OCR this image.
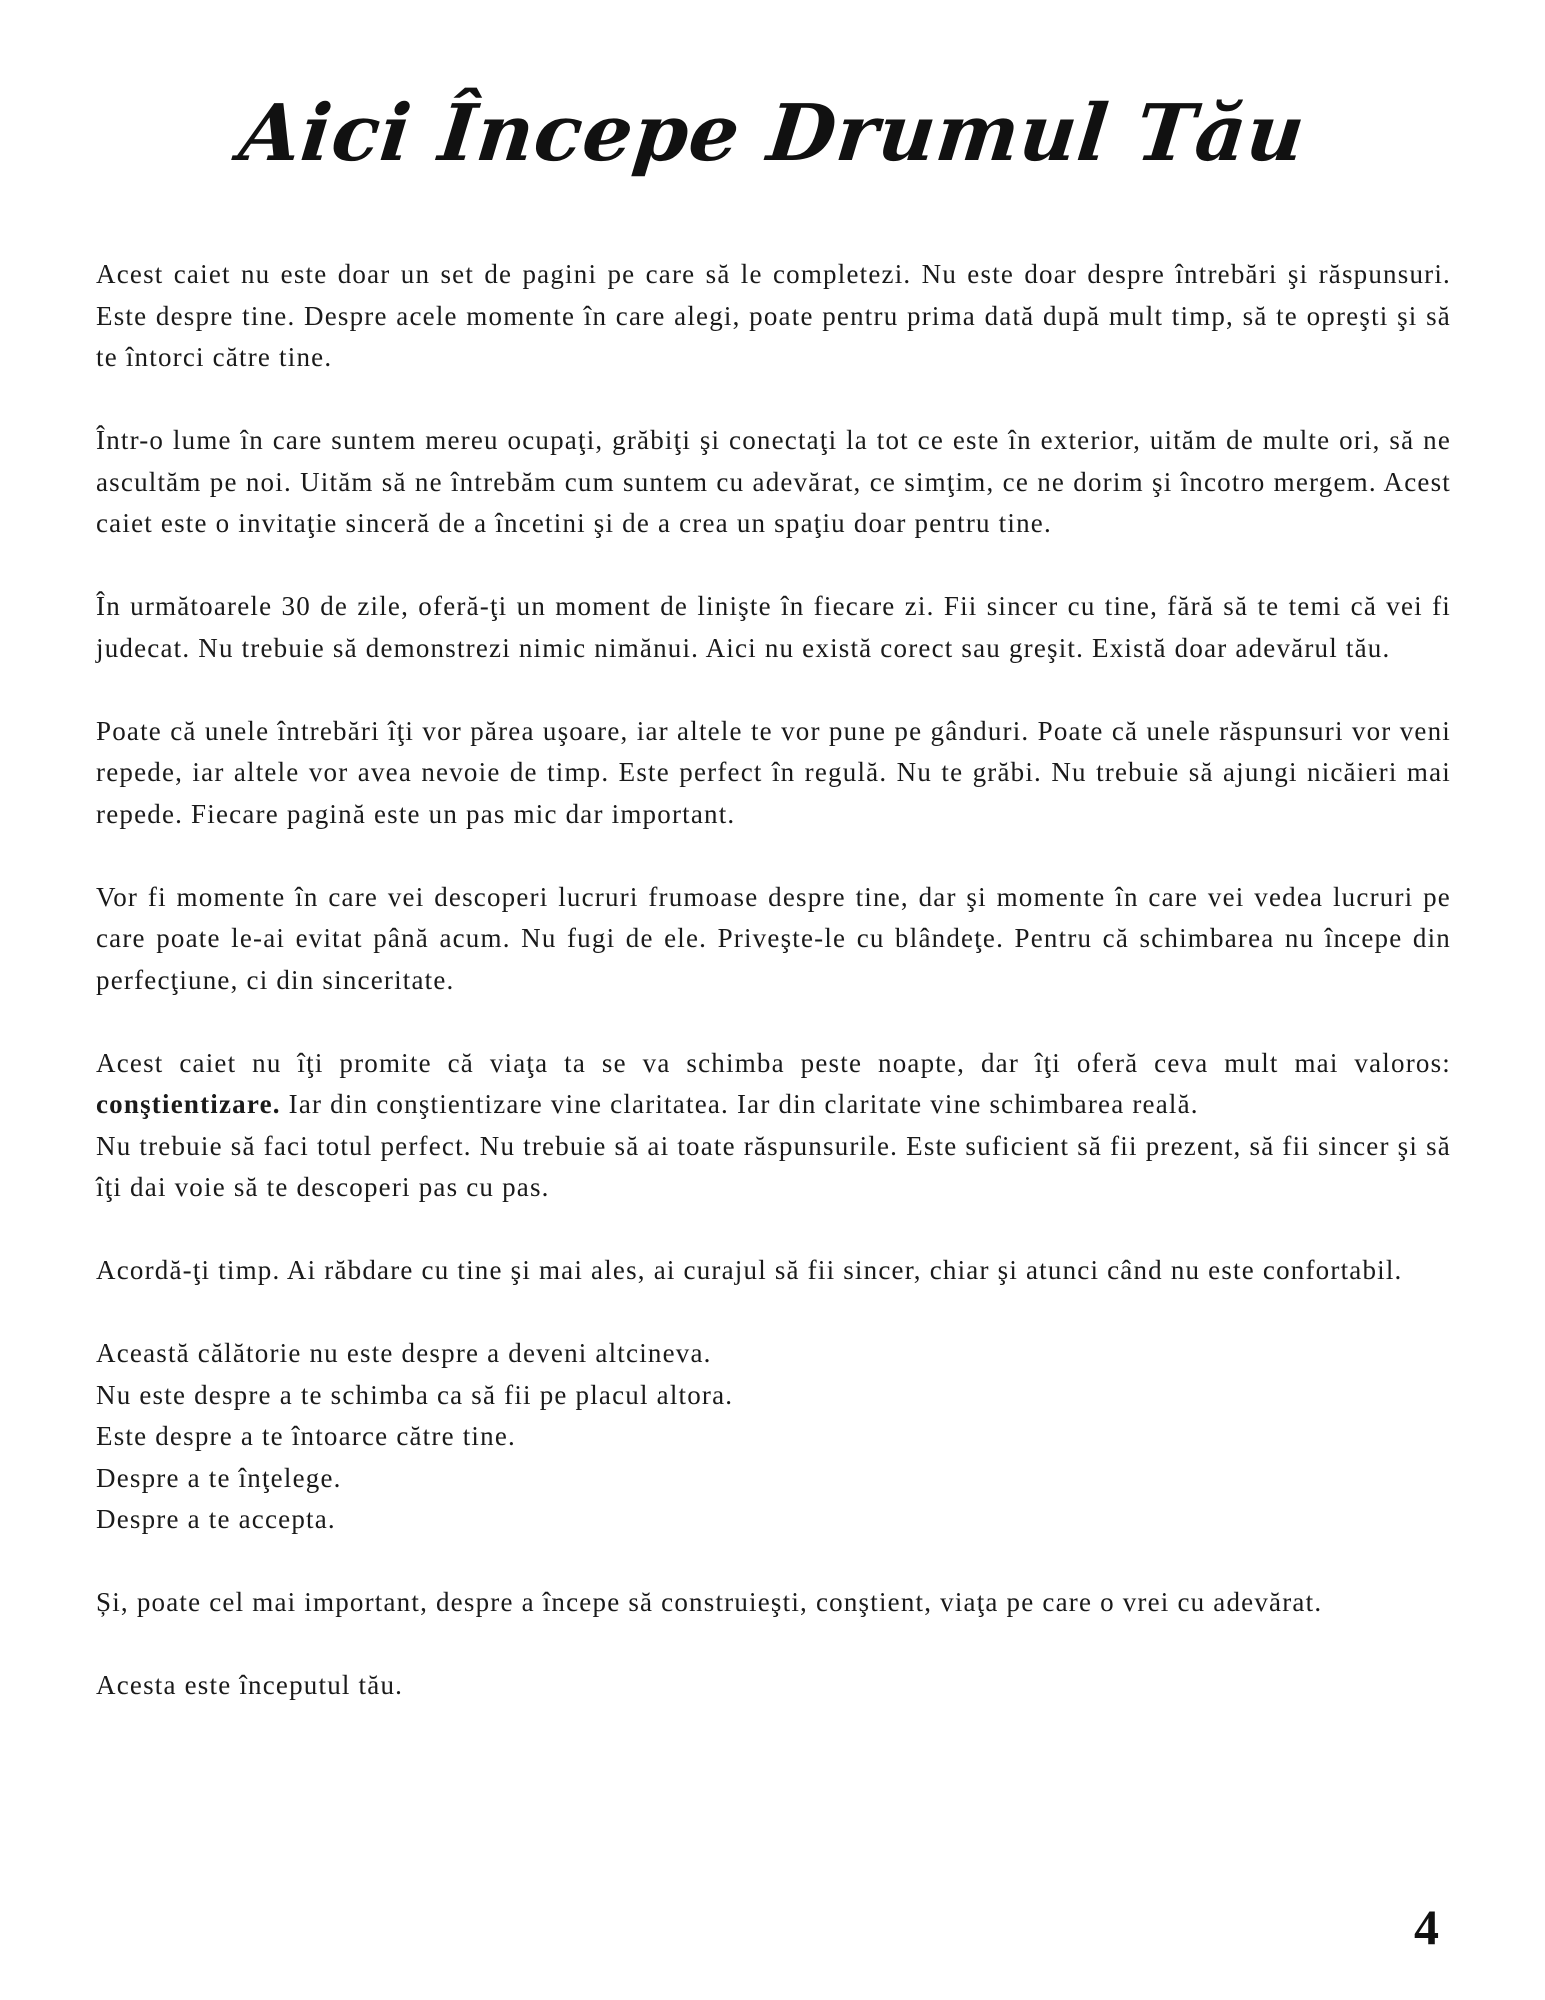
Aici Începe Drumul Tău

Acest caiet nu este doar un set de pagini pe care să le completezi. Nu este doar despre întrebări şi răspunsuri. Este despre tine. Despre acele momente în care alegi, poate pentru prima dată după mult timp, să te opreşti şi să te întorci către tine.

Într-o lume în care suntem mereu ocupaţi, grăbiţi şi conectaţi la tot ce este în exterior, uităm de multe ori, să ne ascultăm pe noi. Uităm să ne întrebăm cum suntem cu adevărat, ce simţim, ce ne dorim şi încotro mergem. Acest caiet este o invitaţie sinceră de a încetini şi de a crea un spaţiu doar pentru tine.

În următoarele 30 de zile, oferă-ţi un moment de linişte în fiecare zi. Fii sincer cu tine, fără să te temi că vei fi judecat. Nu trebuie să demonstrezi nimic nimănui. Aici nu există corect sau greşit. Există doar adevărul tău.

Poate că unele întrebări îţi vor părea uşoare, iar altele te vor pune pe gânduri. Poate că unele răspunsuri vor veni repede, iar altele vor avea nevoie de timp. Este perfect în regulă. Nu te grăbi. Nu trebuie să ajungi nicăieri mai repede. Fiecare pagină este un pas mic dar important.

Vor fi momente în care vei descoperi lucruri frumoase despre tine, dar şi momente în care vei vedea lucruri pe care poate le-ai evitat până acum. Nu fugi de ele. Priveşte-le cu blândeţe. Pentru că schimbarea nu începe din perfecţiune, ci din sinceritate.

Acest caiet nu îţi promite că viaţa ta se va schimba peste noapte, dar îţi oferă ceva mult mai valoros: conştientizare. Iar din conştientizare vine claritatea. Iar din claritate vine schimbarea reală.

Nu trebuie să faci totul perfect. Nu trebuie să ai toate răspunsurile. Este suficient să fii prezent, să fii sincer şi să îţi dai voie să te descoperi pas cu pas.

Acordă-ţi timp. Ai răbdare cu tine şi mai ales, ai curajul să fii sincer, chiar şi atunci când nu este confortabil.

Această călătorie nu este despre a deveni altcineva.
Nu este despre a te schimba ca să fii pe placul altora.
Este despre a te întoarce către tine.
Despre a te înţelege.
Despre a te accepta.

Și, poate cel mai important, despre a începe să construieşti, conştient, viaţa pe care o vrei cu adevărat.

Acesta este începutul tău.

4
